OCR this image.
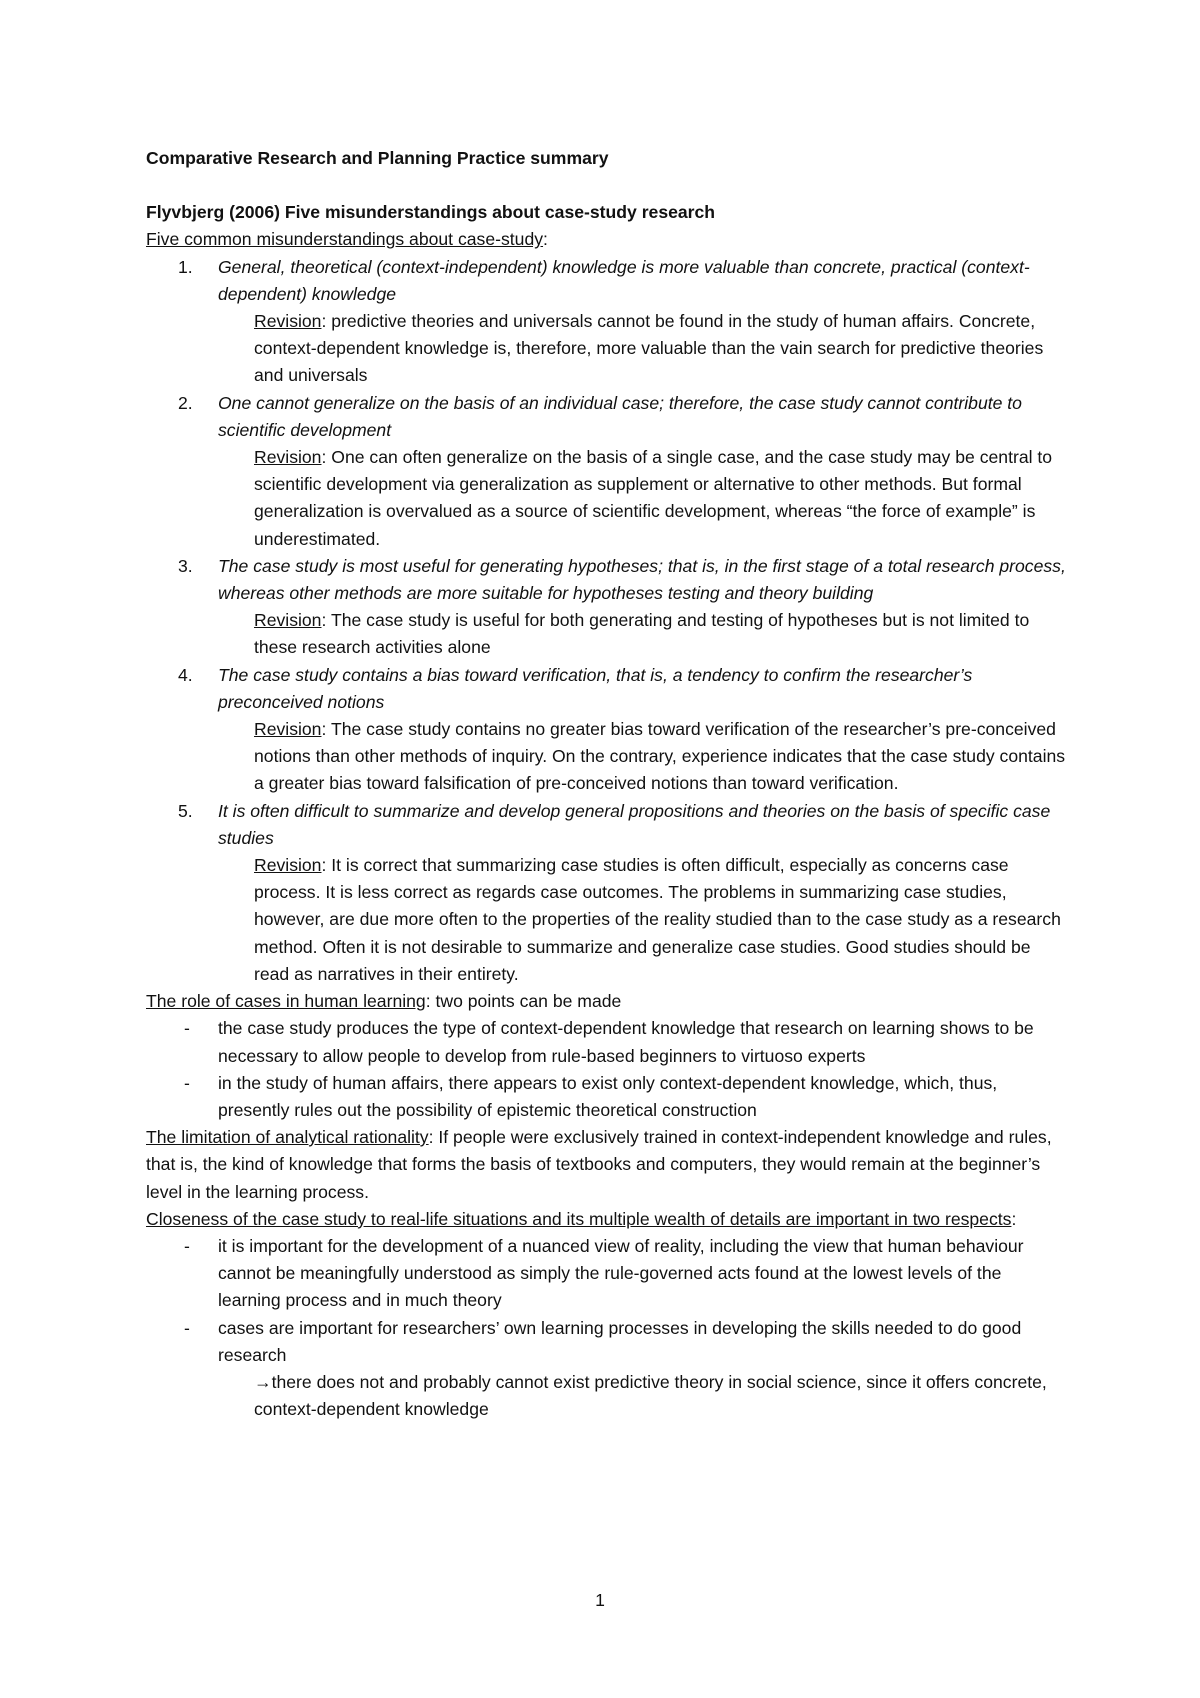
Comparative Research and Planning Practice summary
Flyvbjerg (2006) Five misunderstandings about case-study research
Five common misunderstandings about case-study:
1. General, theoretical (context-independent) knowledge is more valuable than concrete, practical (context-dependent) knowledge
Revision: predictive theories and universals cannot be found in the study of human affairs. Concrete, context-dependent knowledge is, therefore, more valuable than the vain search for predictive theories and universals
2. One cannot generalize on the basis of an individual case; therefore, the case study cannot contribute to scientific development
Revision: One can often generalize on the basis of a single case, and the case study may be central to scientific development via generalization as supplement or alternative to other methods. But formal generalization is overvalued as a source of scientific development, whereas “the force of example” is underestimated.
3. The case study is most useful for generating hypotheses; that is, in the first stage of a total research process, whereas other methods are more suitable for hypotheses testing and theory building
Revision: The case study is useful for both generating and testing of hypotheses but is not limited to these research activities alone
4. The case study contains a bias toward verification, that is, a tendency to confirm the researcher’s preconceived notions
Revision: The case study contains no greater bias toward verification of the researcher’s pre-conceived notions than other methods of inquiry. On the contrary, experience indicates that the case study contains a greater bias toward falsification of pre-conceived notions than toward verification.
5. It is often difficult to summarize and develop general propositions and theories on the basis of specific case studies
Revision: It is correct that summarizing case studies is often difficult, especially as concerns case process. It is less correct as regards case outcomes. The problems in summarizing case studies, however, are due more often to the properties of the reality studied than to the case study as a research method. Often it is not desirable to summarize and generalize case studies. Good studies should be read as narratives in their entirety.
The role of cases in human learning: two points can be made
- the case study produces the type of context-dependent knowledge that research on learning shows to be necessary to allow people to develop from rule-based beginners to virtuoso experts
- in the study of human affairs, there appears to exist only context-dependent knowledge, which, thus, presently rules out the possibility of epistemic theoretical construction
The limitation of analytical rationality: If people were exclusively trained in context-independent knowledge and rules, that is, the kind of knowledge that forms the basis of textbooks and computers, they would remain at the beginner’s level in the learning process.
Closeness of the case study to real-life situations and its multiple wealth of details are important in two respects:
- it is important for the development of a nuanced view of reality, including the view that human behaviour cannot be meaningfully understood as simply the rule-governed acts found at the lowest levels of the learning process and in much theory
- cases are important for researchers’ own learning processes in developing the skills needed to do good research
→there does not and probably cannot exist predictive theory in social science, since it offers concrete, context-dependent knowledge
1
